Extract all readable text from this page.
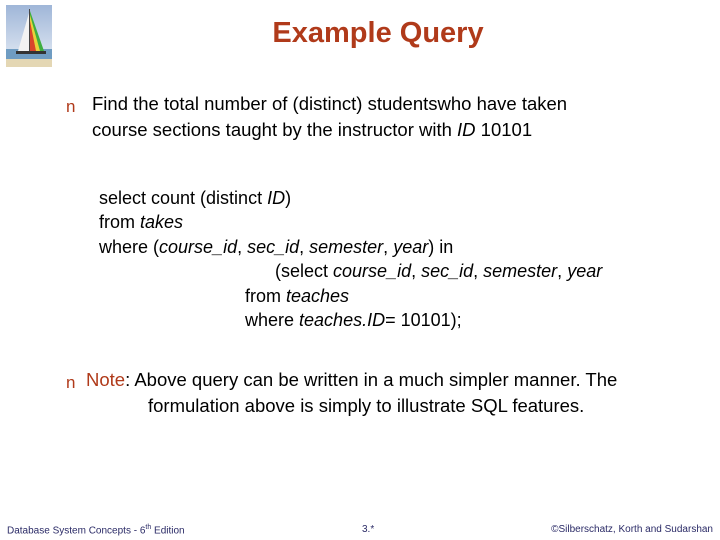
Example Query
n Find the total number of (distinct) studentswho have taken
course sections taught by the instructor with ID 10101
select count (distinct ID)
from takes
where (course_id, sec_id, semester, year) in
(select course_id, sec_id, semester, year
from teaches
where teaches.ID= 10101);
n Note: Above query can be written in a much simpler manner. The
formulation above is simply to illustrate SQL features.
Database System Concepts - 6th Edition	3.*	©Silberschatz, Korth and Sudarshan
